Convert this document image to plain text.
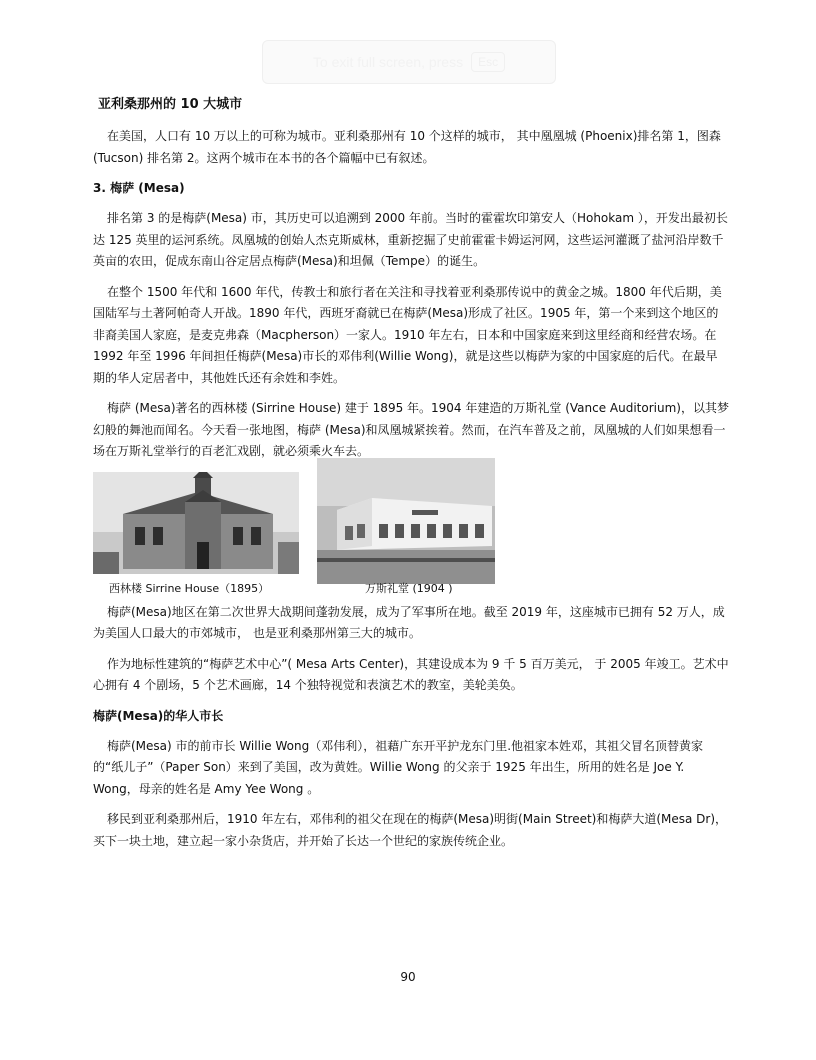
To exit full screen, press	Esc
亚利桑那州的 10 大城市

在美国，人口有 10 万以上的可称为城市。亚利桑那州有 10 个这样的城市， 其中凰凰城 (Phoenix)排名第 1，图森 (Tucson) 排名第 2。这两个城市在本书的各个篇幅中已有叙述。

3. 梅萨 (Mesa)

排名第 3 的是梅萨(Mesa) 市，其历史可以追溯到 2000 年前。当时的霍霍坎印第安人（Hohokam ），开发出最初长达 125 英里的运河系统。凤凰城的创始人杰克斯威林，重新挖掘了史前霍霍卡姆运河网，这些运河灌溉了盐河沿岸数千英亩的农田，促成东南山谷定居点梅萨(Mesa)和坦佩（Tempe）的诞生。

在整个 1500 年代和 1600 年代，传教士和旅行者在关注和寻找着亚利桑那传说中的黄金之城。1800 年代后期，美国陆军与土著阿帕奇人开战。1890 年代，西班牙裔就已在梅萨(Mesa)形成了社区。1905 年，第一个来到这个地区的非裔美国人家庭，是麦克弗森（Macpherson）一家人。1910 年左右，日本和中国家庭来到这里经商和经营农场。在 1992 年至 1996 年间担任梅萨(Mesa)市长的邓伟利(Willie Wong)，就是这些以梅萨为家的中国家庭的后代。在最早期的华人定居者中，其他姓氏还有余姓和李姓。

梅萨 (Mesa)著名的西林楼 (Sirrine House) 建于 1895 年。1904 年建造的万斯礼堂 (Vance Auditorium)，以其梦幻般的舞池而闻名。今天看一张地图，梅萨 (Mesa)和凤凰城紧挨着。然而，在汽车普及之前，凤凰城的人们如果想看一场在万斯礼堂举行的百老汇戏剧，就必须乘火车去。

西林楼 Sirrine House（1895）	万斯礼堂 (1904 )

梅萨(Mesa)地区在第二次世界大战期间蓬勃发展，成为了军事所在地。截至 2019 年，这座城市已拥有 52 万人，成为美国人口最大的市郊城市， 也是亚利桑那州第三大的城市。

作为地标性建筑的“梅萨艺术中心”( Mesa Arts Center)，其建设成本为 9 千 5 百万美元， 于 2005 年竣工。艺术中心拥有 4 个剧场，5 个艺术画廊，14 个独特视觉和表演艺术的教室，美轮美奂。

梅萨(Mesa)的华人市长

梅萨(Mesa) 市的前市长 Willie Wong（邓伟利），祖藉广东开平护龙东门里.他祖家本姓邓，其祖父冒名顶替黄家的“纸儿子”（Paper Son）来到了美国，改为黄姓。Willie Wong 的父亲于 1925 年出生，所用的姓名是 Joe Y. Wong，母亲的姓名是 Amy Yee Wong 。

移民到亚利桑那州后，1910 年左右，邓伟利的祖父在现在的梅萨(Mesa)明街(Main Street)和梅萨大道(Mesa Dr)，买下一块土地，建立起一家小杂货店，并开始了长达一个世纪的家族传统企业。

90
